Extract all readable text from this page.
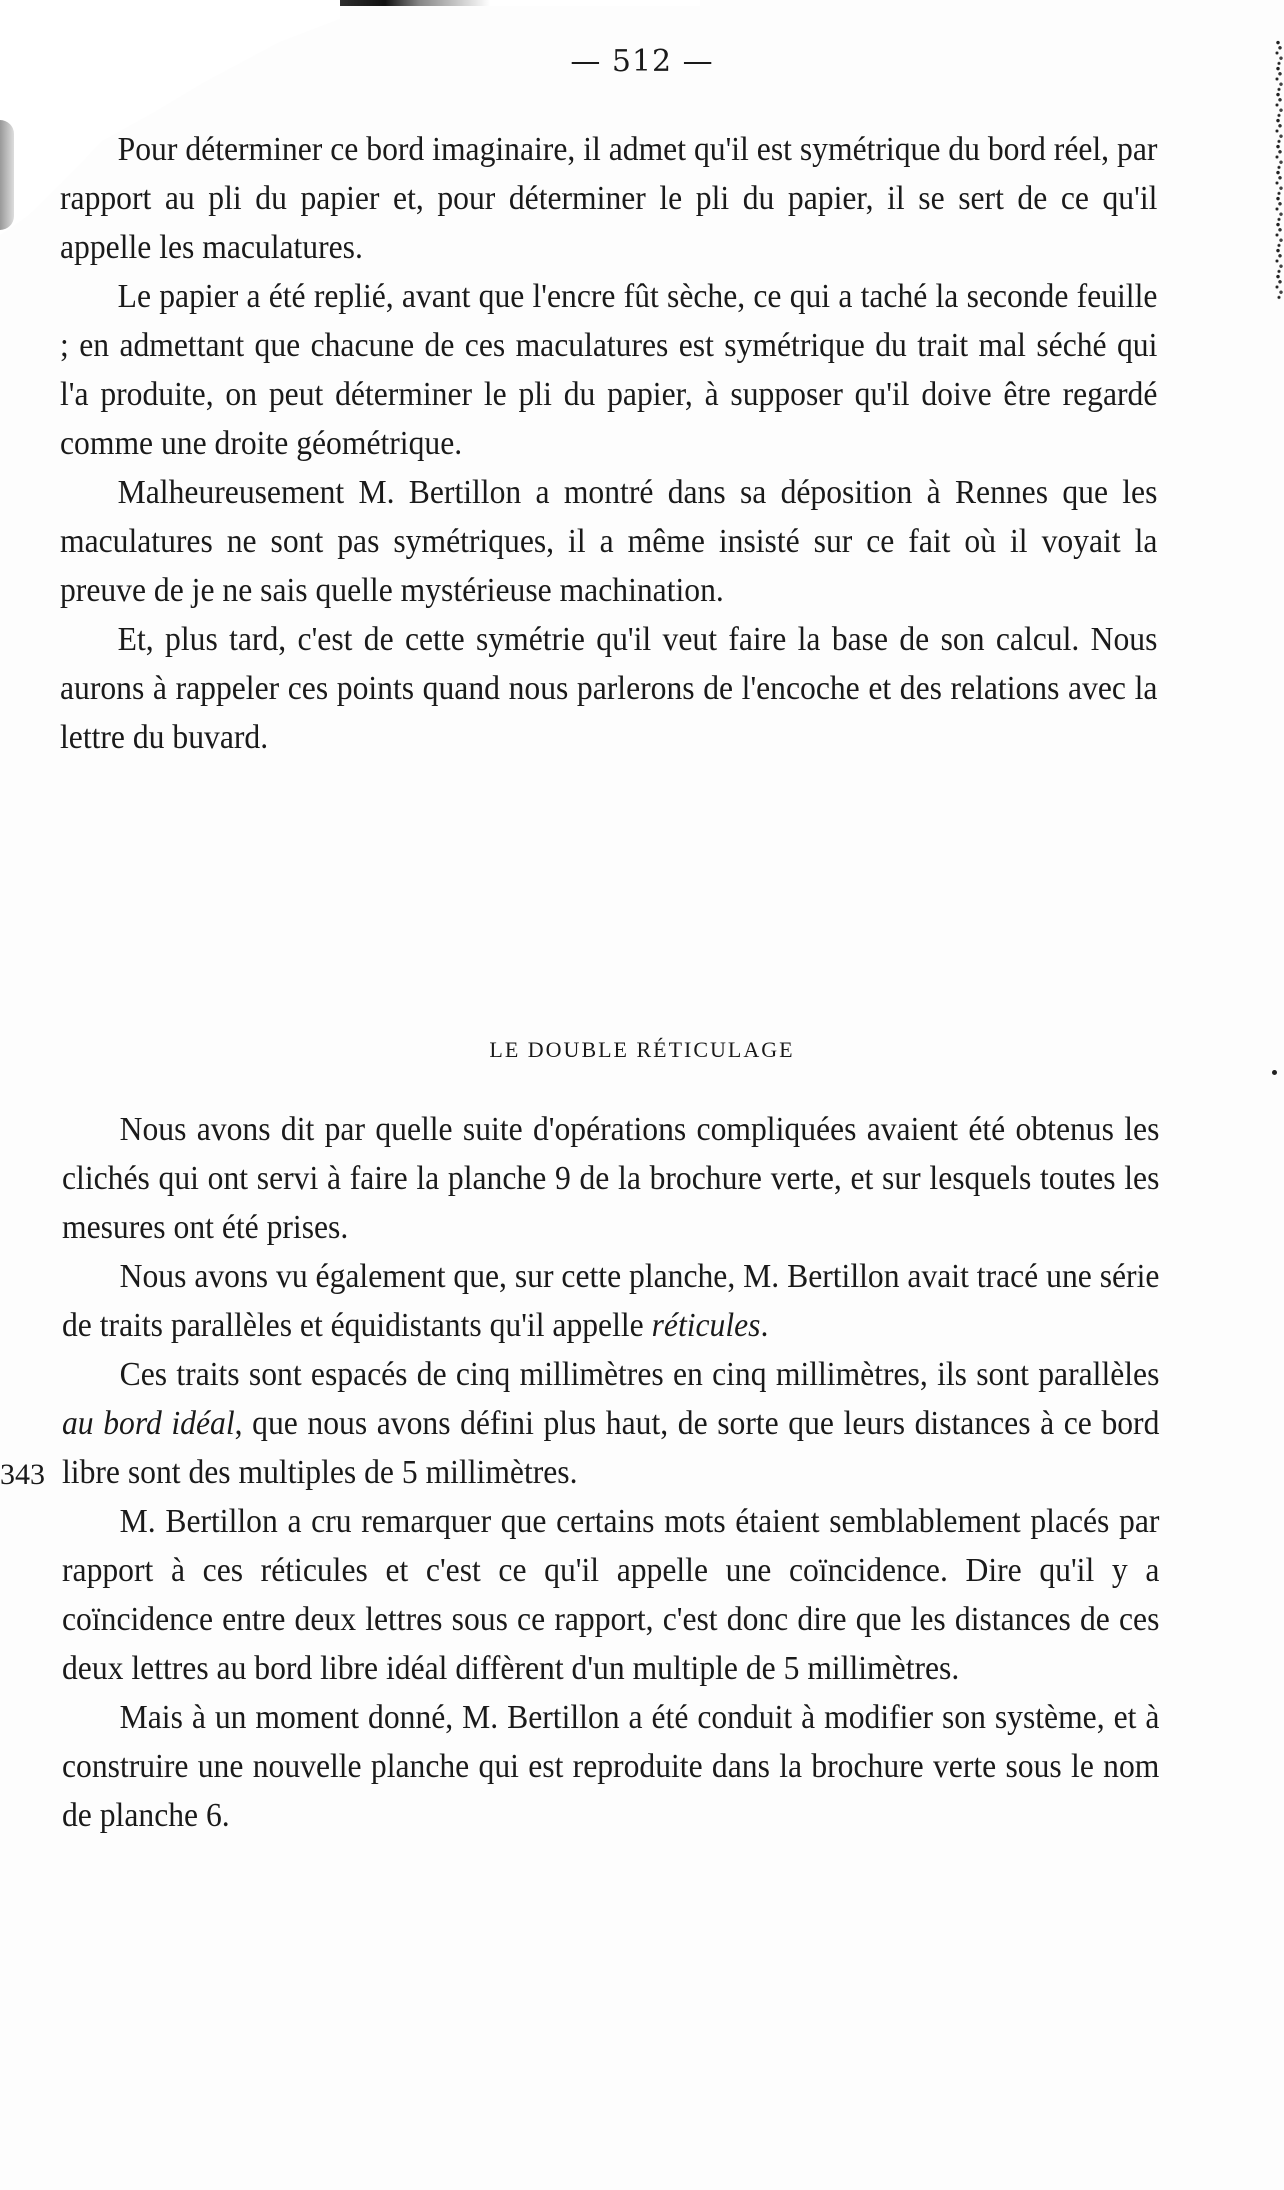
— 512 —

Pour déterminer ce bord imaginaire, il admet qu'il est symétrique du bord réel, par rapport au pli du papier et, pour déterminer le pli du papier, il se sert de ce qu'il appelle les maculatures.

Le papier a été replié, avant que l'encre fût sèche, ce qui a taché la seconde feuille ; en admettant que chacune de ces maculatures est symétrique du trait mal séché qui l'a produite, on peut déterminer le pli du papier, à supposer qu'il doive être regardé comme une droite géométrique.

Malheureusement M. Bertillon a montré dans sa déposition à Rennes que les maculatures ne sont pas symétriques, il a même insisté sur ce fait où il voyait la preuve de je ne sais quelle mystérieuse machination.

Et, plus tard, c'est de cette symétrie qu'il veut faire la base de son calcul. Nous aurons à rappeler ces points quand nous parlerons de l'encoche et des relations avec la lettre du buvard.

LE DOUBLE RÉTICULAGE

Nous avons dit par quelle suite d'opérations compliquées avaient été obtenus les clichés qui ont servi à faire la planche 9 de la brochure verte, et sur lesquels toutes les mesures ont été prises.

Nous avons vu également que, sur cette planche, M. Bertillon avait tracé une série de traits parallèles et équidistants qu'il appelle réticules.

Ces traits sont espacés de cinq millimètres en cinq millimètres, ils sont parallèles au bord idéal, que nous avons défini plus haut, de sorte que leurs distances à ce bord libre sont des multiples de 5 millimètres.

M. Bertillon a cru remarquer que certains mots étaient semblablement placés par rapport à ces réticules et c'est ce qu'il appelle une coïncidence. Dire qu'il y a coïncidence entre deux lettres sous ce rapport, c'est donc dire que les distances de ces deux lettres au bord libre idéal diffèrent d'un multiple de 5 millimètres.

Mais à un moment donné, M. Bertillon a été conduit à modifier son système, et à construire une nouvelle planche qui est reproduite dans la brochure verte sous le nom de planche 6.

343
